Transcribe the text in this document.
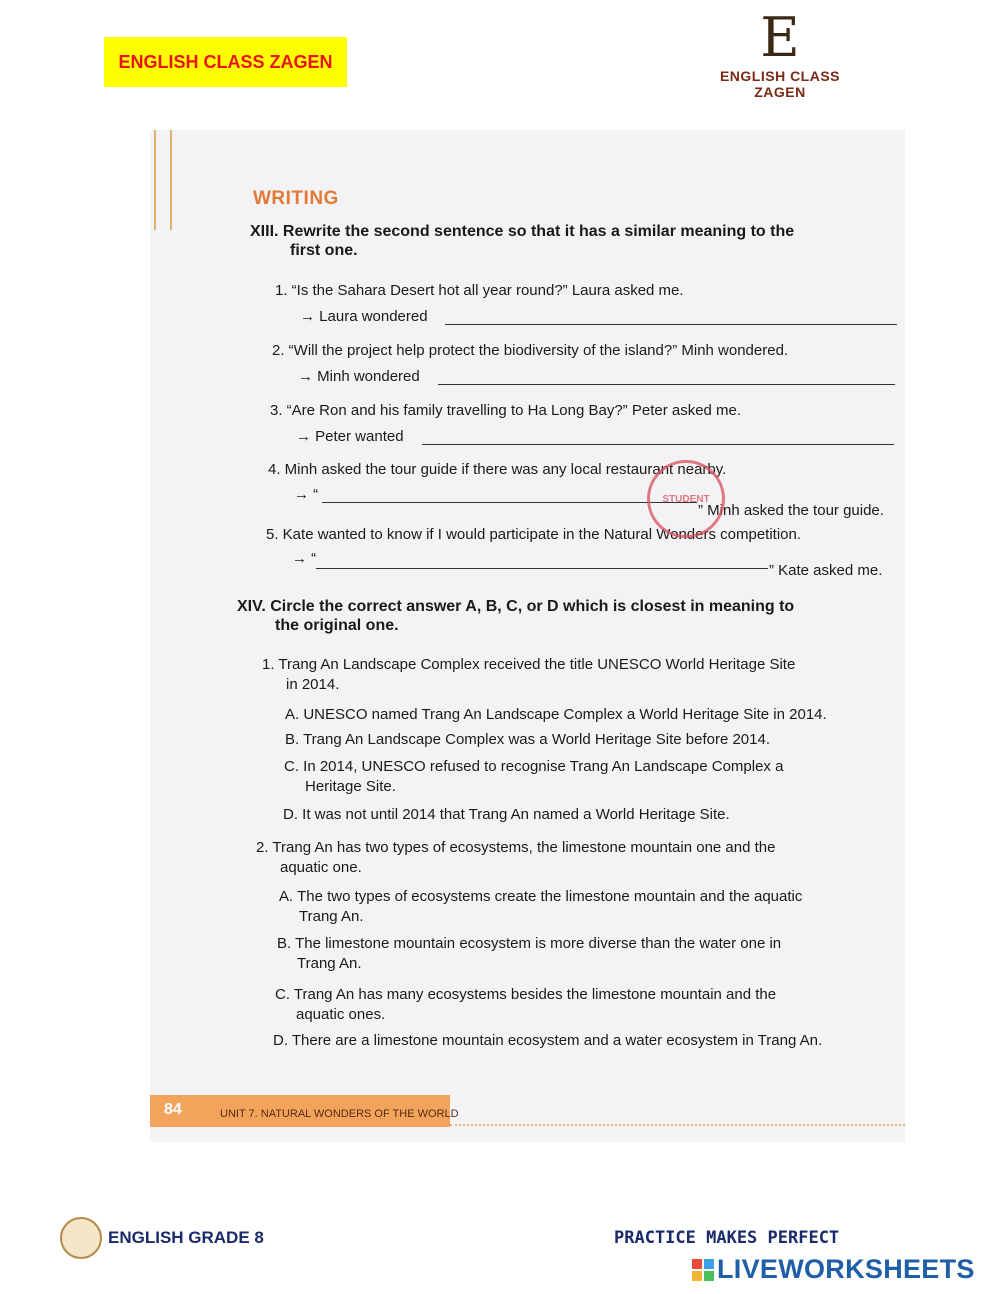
ENGLISH CLASS ZAGEN	E
ENGLISH CLASS ZAGEN
WRITING
XIII. Rewrite the second sentence so that it has a similar meaning to the
first one.
1. “Is the Sahara Desert hot all year round?” Laura asked me.
→ Laura wondered
2. “Will the project help protect the biodiversity of the island?” Minh wondered.
→ Minh wondered
3. “Are Ron and his family travelling to Ha Long Bay?” Peter asked me.
→ Peter wanted
4. Minh asked the tour guide if there was any local restaurant nearby.
→ “
” Minh asked the tour guide.
5. Kate wanted to know if I would participate in the Natural Wonders competition.
→ “
” Kate asked me.
STUDENT
XIV. Circle the correct answer A, B, C, or D which is closest in meaning to
the original one.
1. Trang An Landscape Complex received the title UNESCO World Heritage Site
in 2014.
A. UNESCO named Trang An Landscape Complex a World Heritage Site in 2014.
B. Trang An Landscape Complex was a World Heritage Site before 2014.
C. In 2014, UNESCO refused to recognise Trang An Landscape Complex a
Heritage Site.
D. It was not until 2014 that Trang An named a World Heritage Site.
2. Trang An has two types of ecosystems, the limestone mountain one and the
aquatic one.
A. The two types of ecosystems create the limestone mountain and the aquatic
Trang An.
B. The limestone mountain ecosystem is more diverse than the water one in
Trang An.
C. Trang An has many ecosystems besides the limestone mountain and the
aquatic ones.
D. There are a limestone mountain ecosystem and a water ecosystem in Trang An.
84	UNIT 7. NATURAL WONDERS OF THE WORLD
ENGLISH GRADE 8	PRACTICE MAKES PERFECT
LIVEWORKSHEETS
